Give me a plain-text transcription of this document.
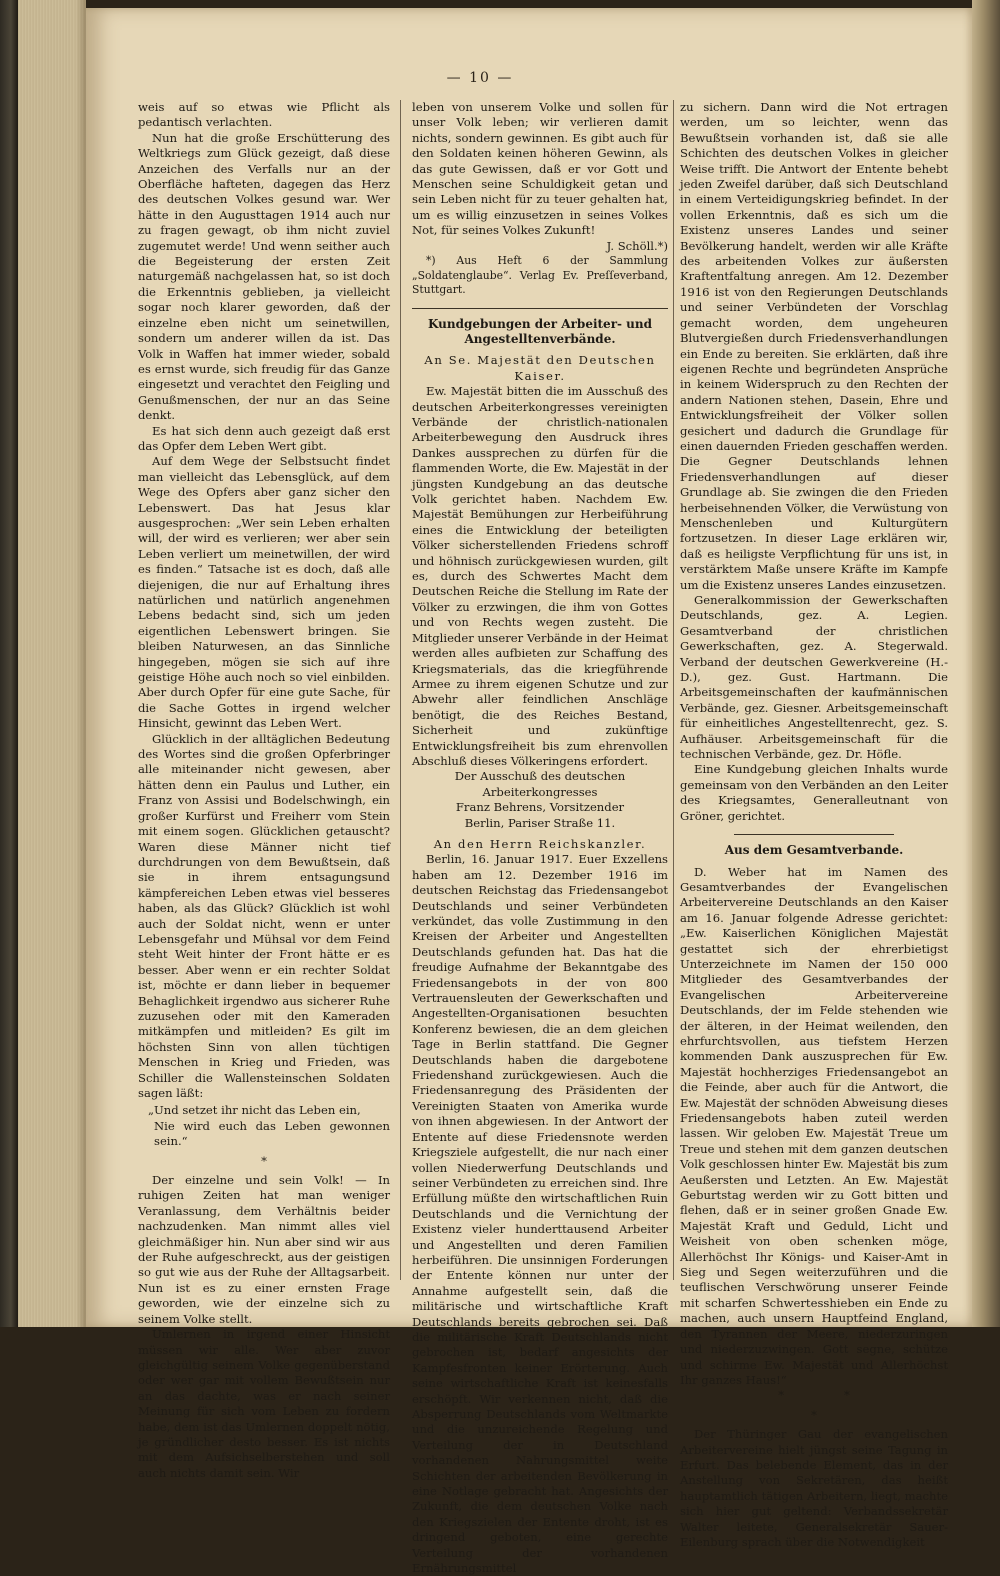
— 10 —

weis auf so etwas wie Pflicht als pedantisch verlachten.

Nun hat die große Erschütterung des Weltkriegs zum Glück gezeigt, daß diese Anzeichen des Verfalls nur an der Oberfläche hafteten, dagegen das Herz des deutschen Volkes gesund war. Wer hätte in den Augusttagen 1914 auch nur zu fragen gewagt, ob ihm nicht zuviel zugemutet werde! Und wenn seither auch die Begeisterung der ersten Zeit naturgemäß nachgelassen hat, so ist doch die Erkenntnis geblieben, ja vielleicht sogar noch klarer geworden, daß der einzelne eben nicht um seinetwillen, sondern um anderer willen da ist. Das Volk in Waffen hat immer wieder, sobald es ernst wurde, sich freudig für das Ganze eingesetzt und verachtet den Feigling und Genußmenschen, der nur an das Seine denkt.

Es hat sich denn auch gezeigt daß erst das Opfer dem Leben Wert gibt.

Auf dem Wege der Selbstsucht findet man vielleicht das Lebensglück, auf dem Wege des Opfers aber ganz sicher den Lebenswert. Das hat Jesus klar ausgesprochen: „Wer sein Leben erhalten will, der wird es verlieren; wer aber sein Leben verliert um meinetwillen, der wird es finden.“ Tatsache ist es doch, daß alle diejenigen, die nur auf Erhaltung ihres natürlichen und natürlich angenehmen Lebens bedacht sind, sich um jeden eigentlichen Lebenswert bringen. Sie bleiben Naturwesen, an das Sinnliche hingegeben, mögen sie sich auf ihre geistige Höhe auch noch so viel einbilden. Aber durch Opfer für eine gute Sache, für die Sache Gottes in irgend welcher Hinsicht, gewinnt das Leben Wert.

Glücklich in der alltäglichen Bedeutung des Wortes sind die großen Opferbringer alle miteinander nicht gewesen, aber hätten denn ein Paulus und Luther, ein Franz von Assisi und Bodelschwingh, ein großer Kurfürst und Freiherr vom Stein mit einem sogen. Glücklichen getauscht? Waren diese Männer nicht tief durchdrungen von dem Bewußtsein, daß sie in ihrem entsagungsund kämpfereichen Leben etwas viel besseres haben, als das Glück? Glücklich ist wohl auch der Soldat nicht, wenn er unter Lebensgefahr und Mühsal vor dem Feind steht Weit hinter der Front hätte er es besser. Aber wenn er ein rechter Soldat ist, möchte er dann lieber in bequemer Behaglichkeit irgendwo aus sicherer Ruhe zuzusehen oder mit den Kameraden mitkämpfen und mitleiden? Es gilt im höchsten Sinn von allen tüchtigen Menschen in Krieg und Frieden, was Schiller die Wallensteinschen Soldaten sagen läßt:

„Und setzet ihr nicht das Leben ein,
Nie wird euch das Leben gewonnen sein.“
*

Der einzelne und sein Volk! — In ruhigen Zeiten hat man weniger Veranlassung, dem Verhältnis beider nachzudenken. Man nimmt alles viel gleichmäßiger hin. Nun aber sind wir aus der Ruhe aufgeschreckt, aus der geistigen so gut wie aus der Ruhe der Alltagsarbeit. Nun ist es zu einer ernsten Frage geworden, wie der einzelne sich zu seinem Volke stellt.

Umlernen in irgend einer Hinsicht müssen wir alle. Wer aber zuvor gleichgültig seinem Volke gegenüberstand oder wer gar mit vollem Bewußtsein nur an das dachte, was er nach seiner Meinung für sich vom Leben zu fordern habe, dem ist das Umlernen doppelt nötig, je gründlicher desto besser. Es ist nichts mit dem Aufsichselberstehen und soll auch nichts damit sein. Wir

leben von unserem Volke und sollen für unser Volk leben; wir verlieren damit nichts, sondern gewinnen. Es gibt auch für den Soldaten keinen höheren Gewinn, als das gute Gewissen, daß er vor Gott und Menschen seine Schuldigkeit getan und sein Leben nicht für zu teuer gehalten hat, um es willig einzusetzen in seines Volkes Not, für seines Volkes Zukunft!

J. Schöll.*)

*) Aus Heft 6 der Sammlung „Soldatenglaube“. Verlag Ev. Preſſeverband, Stuttgart.

Kundgebungen der Arbeiter- und Angestelltenverbände.
An Se. Majestät den Deutschen Kaiser.

Ew. Majestät bitten die im Ausschuß des deutschen Arbeiterkongresses vereinigten Verbände der christlich-nationalen Arbeiterbewegung den Ausdruck ihres Dankes aussprechen zu dürfen für die flammenden Worte, die Ew. Majestät in der jüngsten Kundgebung an das deutsche Volk gerichtet haben. Nachdem Ew. Majestät Bemühungen zur Herbeiführung eines die Entwicklung der beteiligten Völker sicherstellenden Friedens schroff und höhnisch zurückgewiesen wurden, gilt es, durch des Schwertes Macht dem Deutschen Reiche die Stellung im Rate der Völker zu erzwingen, die ihm von Gottes und von Rechts wegen zusteht. Die Mitglieder unserer Verbände in der Heimat werden alles aufbieten zur Schaffung des Kriegsmaterials, das die kriegführende Armee zu ihrem eigenen Schutze und zur Abwehr aller feindlichen Anschläge benötigt, die des Reiches Bestand, Sicherheit und zukünftige Entwicklungsfreiheit bis zum ehrenvollen Abschluß dieses Völkeringens erfordert.

Der Ausschuß des deutschen Arbeiterkongresses
Franz Behrens, Vorsitzender
Berlin, Pariser Straße 11.
An den Herrn Reichskanzler.

Berlin, 16. Januar 1917. Euer Exzellens haben am 12. Dezember 1916 im deutschen Reichstag das Friedensangebot Deutschlands und seiner Verbündeten verkündet, das volle Zustimmung in den Kreisen der Arbeiter und Angestellten Deutschlands gefunden hat. Das hat die freudige Aufnahme der Bekanntgabe des Friedensangebots in der von 800 Vertrauensleuten der Gewerkschaften und Angestellten-Organisationen besuchten Konferenz bewiesen, die an dem gleichen Tage in Berlin stattfand. Die Gegner Deutschlands haben die dargebotene Friedenshand zurückgewiesen. Auch die Friedensanregung des Präsidenten der Vereinigten Staaten von Amerika wurde von ihnen abgewiesen. In der Antwort der Entente auf diese Friedensnote werden Kriegsziele aufgestellt, die nur nach einer vollen Niederwerfung Deutschlands und seiner Verbündeten zu erreichen sind. Ihre Erfüllung müßte den wirtschaftlichen Ruin Deutschlands und die Vernichtung der Existenz vieler hunderttausend Arbeiter und Angestellten und deren Familien herbeiführen. Die unsinnigen Forderungen der Entente können nur unter der Annahme aufgestellt sein, daß die militärische und wirtschaftliche Kraft Deutschlands bereits gebrochen sei. Daß die militärische Kraft Deutschlands nicht gebrochen ist, bedarf angesichts der Kampfesfronten keiner Erörterung. Auch seine wirtschaftliche Kraft ist keinesfalls erschöpft. Wir verkennen nicht, daß die Absperrung Deutschlands vom Weltmarkte und die unzureichende Regelung und Verteilung der in Deutschland vorhandenen Nahrungsmittel weite Schichten der arbeitenden Bevölkerung in eine Notlage gebracht hat. Angesichts der Zukunft, die dem deutschen Volke nach den Kriegszielen der Entente droht, ist es dringend geboten, eine gerechte Verteilung der vorhandenen Ernährungsmittel

zu sichern. Dann wird die Not ertragen werden, um so leichter, wenn das Bewußtsein vorhanden ist, daß sie alle Schichten des deutschen Volkes in gleicher Weise trifft. Die Antwort der Entente behebt jeden Zweifel darüber, daß sich Deutschland in einem Verteidigungskrieg befindet. In der vollen Erkenntnis, daß es sich um die Existenz unseres Landes und seiner Bevölkerung handelt, werden wir alle Kräfte des arbeitenden Volkes zur äußersten Kraftentfaltung anregen. Am 12. Dezember 1916 ist von den Regierungen Deutschlands und seiner Verbündeten der Vorschlag gemacht worden, dem ungeheuren Blutvergießen durch Friedensverhandlungen ein Ende zu bereiten. Sie erklärten, daß ihre eigenen Rechte und begründeten Ansprüche in keinem Widerspruch zu den Rechten der andern Nationen stehen, Dasein, Ehre und Entwicklungsfreiheit der Völker sollen gesichert und dadurch die Grundlage für einen dauernden Frieden geschaffen werden. Die Gegner Deutschlands lehnen Friedensverhandlungen auf dieser Grundlage ab. Sie zwingen die den Frieden herbeisehnenden Völker, die Verwüstung von Menschenleben und Kulturgütern fortzusetzen. In dieser Lage erklären wir, daß es heiligste Verpflichtung für uns ist, in verstärktem Maße unsere Kräfte im Kampfe um die Existenz unseres Landes einzusetzen.

Generalkommission der Gewerkschaften Deutschlands, gez. A. Legien. Gesamtverband der christlichen Gewerkschaften, gez. A. Stegerwald. Verband der deutschen Gewerkvereine (H.-D.), gez. Gust. Hartmann. Die Arbeitsgemeinschaften der kaufmännischen Verbände, gez. Giesner. Arbeitsgemeinschaft für einheitliches Angestelltenrecht, gez. S. Aufhäuser. Arbeitsgemeinschaft für die technischen Verbände, gez. Dr. Höfle.

Eine Kundgebung gleichen Inhalts wurde gemeinsam von den Verbänden an den Leiter des Kriegsamtes, Generalleutnant von Gröner, gerichtet.

Aus dem Gesamtverbande.

D. Weber hat im Namen des Gesamtverbandes der Evangelischen Arbeitervereine Deutschlands an den Kaiser am 16. Januar folgende Adresse gerichtet: „Ew. Kaiserlichen Königlichen Majestät gestattet sich der ehrerbietigst Unterzeichnete im Namen der 150 000 Mitglieder des Gesamtverbandes der Evangelischen Arbeitervereine Deutschlands, der im Felde stehenden wie der älteren, in der Heimat weilenden, den ehrfurchtsvollen, aus tiefstem Herzen kommenden Dank auszusprechen für Ew. Majestät hochherziges Friedensangebot an die Feinde, aber auch für die Antwort, die Ew. Majestät der schnöden Abweisung dieses Friedensangebots haben zuteil werden lassen. Wir geloben Ew. Majestät Treue um Treue und stehen mit dem ganzen deutschen Volk geschlossen hinter Ew. Majestät bis zum Aeußersten und Letzten. An Ew. Majestät Geburtstag werden wir zu Gott bitten und flehen, daß er in seiner großen Gnade Ew. Majestät Kraft und Geduld, Licht und Weisheit von oben schenken möge, Allerhöchst Ihr Königs- und Kaiser-Amt in Sieg und Segen weiterzuführen und die teuflischen Verschwörung unserer Feinde mit scharfen Schwertesshieben ein Ende zu machen, auch unsern Hauptfeind England, den Tyrannen der Meere, niederzuringen und niederzuzwingen. Gott segne, schütze und schirme Ew. Majestät und Allerhöchst Ihr ganzes Haus!“

*	*
*

Der Thüringer Gau der evangelischen Arbeitervereine hielt jüngst seine Tagung in Erfurt. Das belebende Element, das in der Anstellung von Sekretären, das heißt hauptamtlich tätigen Arbeitern, liegt, machte sich hier gut geltend: Verbandssekretär Walter leitete, Generalsekretär Sauer-Eilenburg sprach über die Notwendigkeit
